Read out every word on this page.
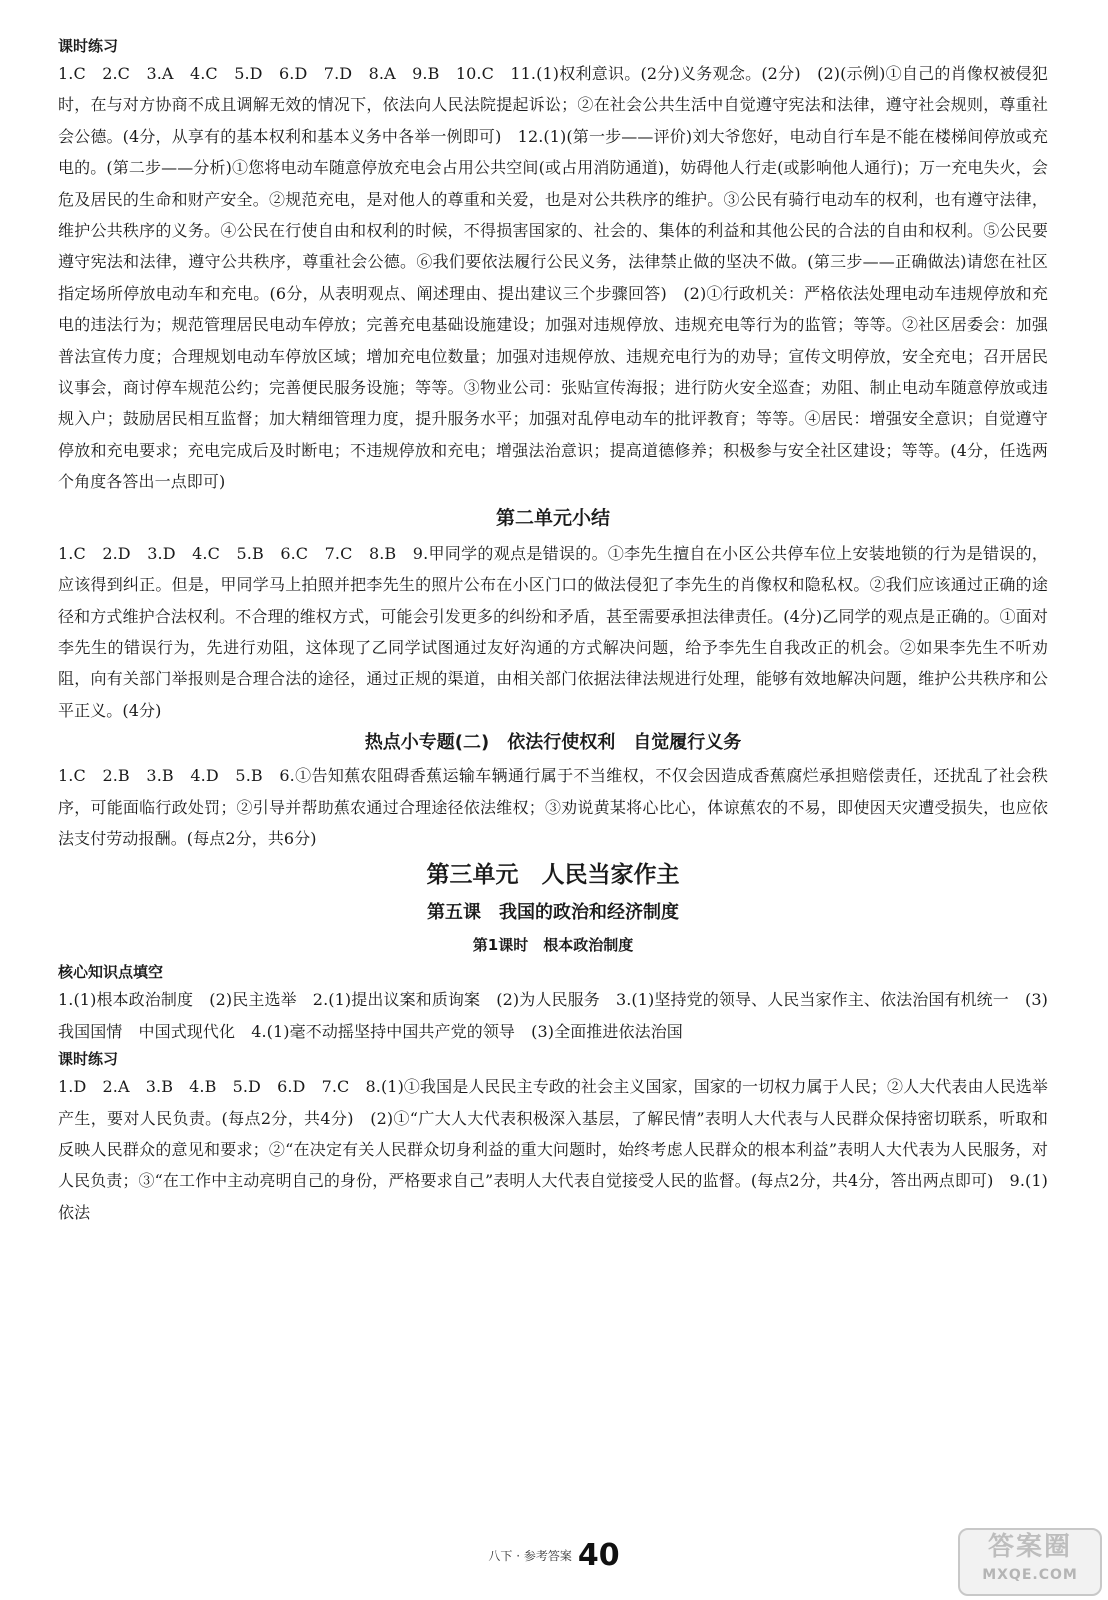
课时练习

1.C　2.C　3.A　4.C　5.D　6.D　7.D　8.A　9.B　10.C　11.(1)权利意识。(2分)义务观念。(2分)　(2)(示例)①自己的肖像权被侵犯时，在与对方协商不成且调解无效的情况下，依法向人民法院提起诉讼；②在社会公共生活中自觉遵守宪法和法律，遵守社会规则，尊重社会公德。(4分，从享有的基本权利和基本义务中各举一例即可)　12.(1)(第一步——评价)刘大爷您好，电动自行车是不能在楼梯间停放或充电的。(第二步——分析)①您将电动车随意停放充电会占用公共空间(或占用消防通道)，妨碍他人行走(或影响他人通行)；万一充电失火，会危及居民的生命和财产安全。②规范充电，是对他人的尊重和关爱，也是对公共秩序的维护。③公民有骑行电动车的权利，也有遵守法律，维护公共秩序的义务。④公民在行使自由和权利的时候，不得损害国家的、社会的、集体的利益和其他公民的合法的自由和权利。⑤公民要遵守宪法和法律，遵守公共秩序，尊重社会公德。⑥我们要依法履行公民义务，法律禁止做的坚决不做。(第三步——正确做法)请您在社区指定场所停放电动车和充电。(6分，从表明观点、阐述理由、提出建议三个步骤回答)　(2)①行政机关：严格依法处理电动车违规停放和充电的违法行为；规范管理居民电动车停放；完善充电基础设施建设；加强对违规停放、违规充电等行为的监管；等等。②社区居委会：加强普法宣传力度；合理规划电动车停放区域；增加充电位数量；加强对违规停放、违规充电行为的劝导；宣传文明停放，安全充电；召开居民议事会，商讨停车规范公约；完善便民服务设施；等等。③物业公司：张贴宣传海报；进行防火安全巡查；劝阻、制止电动车随意停放或违规入户；鼓励居民相互监督；加大精细管理力度，提升服务水平；加强对乱停电动车的批评教育；等等。④居民：增强安全意识；自觉遵守停放和充电要求；充电完成后及时断电；不违规停放和充电；增强法治意识；提高道德修养；积极参与安全社区建设；等等。(4分，任选两个角度各答出一点即可)

第二单元小结

1.C　2.D　3.D　4.C　5.B　6.C　7.C　8.B　9.甲同学的观点是错误的。①李先生擅自在小区公共停车位上安装地锁的行为是错误的，应该得到纠正。但是，甲同学马上拍照并把李先生的照片公布在小区门口的做法侵犯了李先生的肖像权和隐私权。②我们应该通过正确的途径和方式维护合法权利。不合理的维权方式，可能会引发更多的纠纷和矛盾，甚至需要承担法律责任。(4分)乙同学的观点是正确的。①面对李先生的错误行为，先进行劝阻，这体现了乙同学试图通过友好沟通的方式解决问题，给予李先生自我改正的机会。②如果李先生不听劝阻，向有关部门举报则是合理合法的途径，通过正规的渠道，由相关部门依据法律法规进行处理，能够有效地解决问题，维护公共秩序和公平正义。(4分)

热点小专题(二)　依法行使权利　自觉履行义务

1.C　2.B　3.B　4.D　5.B　6.①告知蕉农阻碍香蕉运输车辆通行属于不当维权，不仅会因造成香蕉腐烂承担赔偿责任，还扰乱了社会秩序，可能面临行政处罚；②引导并帮助蕉农通过合理途径依法维权；③劝说黄某将心比心，体谅蕉农的不易，即使因天灾遭受损失，也应依法支付劳动报酬。(每点2分，共6分)

第三单元　人民当家作主

第五课　我国的政治和经济制度

第1课时　根本政治制度

核心知识点填空

1.(1)根本政治制度　(2)民主选举　2.(1)提出议案和质询案　(2)为人民服务　3.(1)坚持党的领导、人民当家作主、依法治国有机统一　(3)我国国情　中国式现代化　4.(1)毫不动摇坚持中国共产党的领导　(3)全面推进依法治国

课时练习

1.D　2.A　3.B　4.B　5.D　6.D　7.C　8.(1)①我国是人民民主专政的社会主义国家，国家的一切权力属于人民；②人大代表由人民选举产生，要对人民负责。(每点2分，共4分)　(2)①“广大人大代表积极深入基层，了解民情”表明人大代表与人民群众保持密切联系，听取和反映人民群众的意见和要求；②“在决定有关人民群众切身利益的重大问题时，始终考虑人民群众的根本利益”表明人大代表为人民服务，对人民负责；③“在工作中主动亮明自己的身份，严格要求自己”表明人大代表自觉接受人民的监督。(每点2分，共4分，答出两点即可)　9.(1)依法

八下 · 参考答案 40	答案圈
MXQE.COM
